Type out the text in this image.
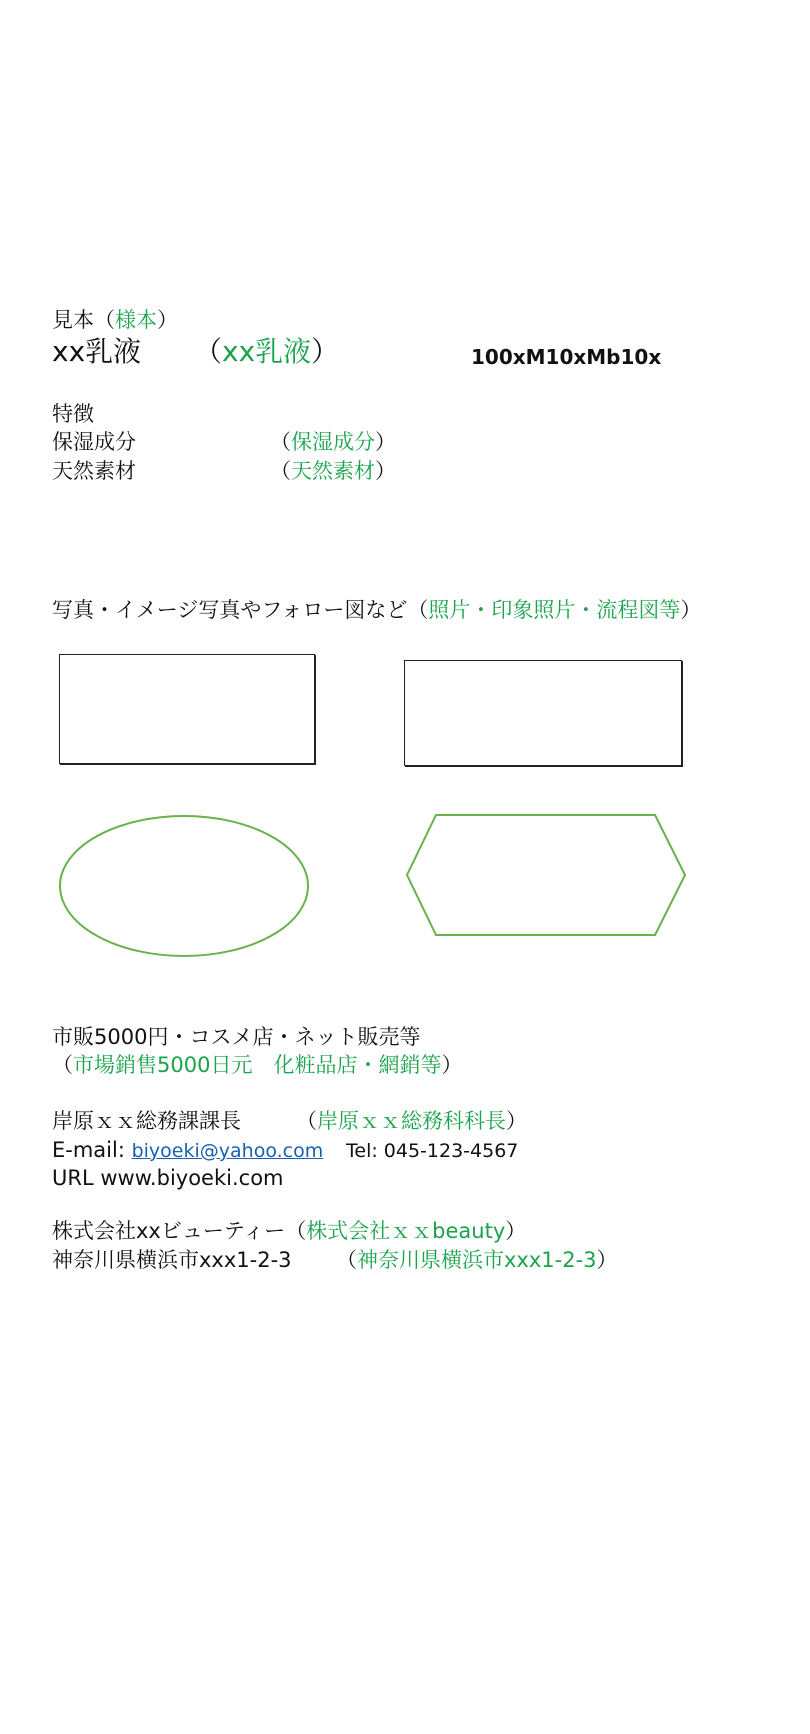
見本（様本）
xx乳液 （xx乳液）	100xM10xMb10x
特徴
保湿成分	（保湿成分）
天然素材	（天然素材）
写真・イメージ写真やフォロー図など（照片・印象照片・流程図等）
市販5000円・コスメ店・ネット販売等
（市場銷售5000日元　化粧品店・網銷等）
岸原ｘｘ総務課課長	（岸原ｘｘ総務科科長）
E-mail: biyoeki@yahoo.com Tel: 045-123-4567
URL www.biyoeki.com
株式会社xxビューティー（株式会社ｘｘbeauty）
神奈川県横浜市xxx1-2-3 （神奈川県横浜市xxx1-2-3）
